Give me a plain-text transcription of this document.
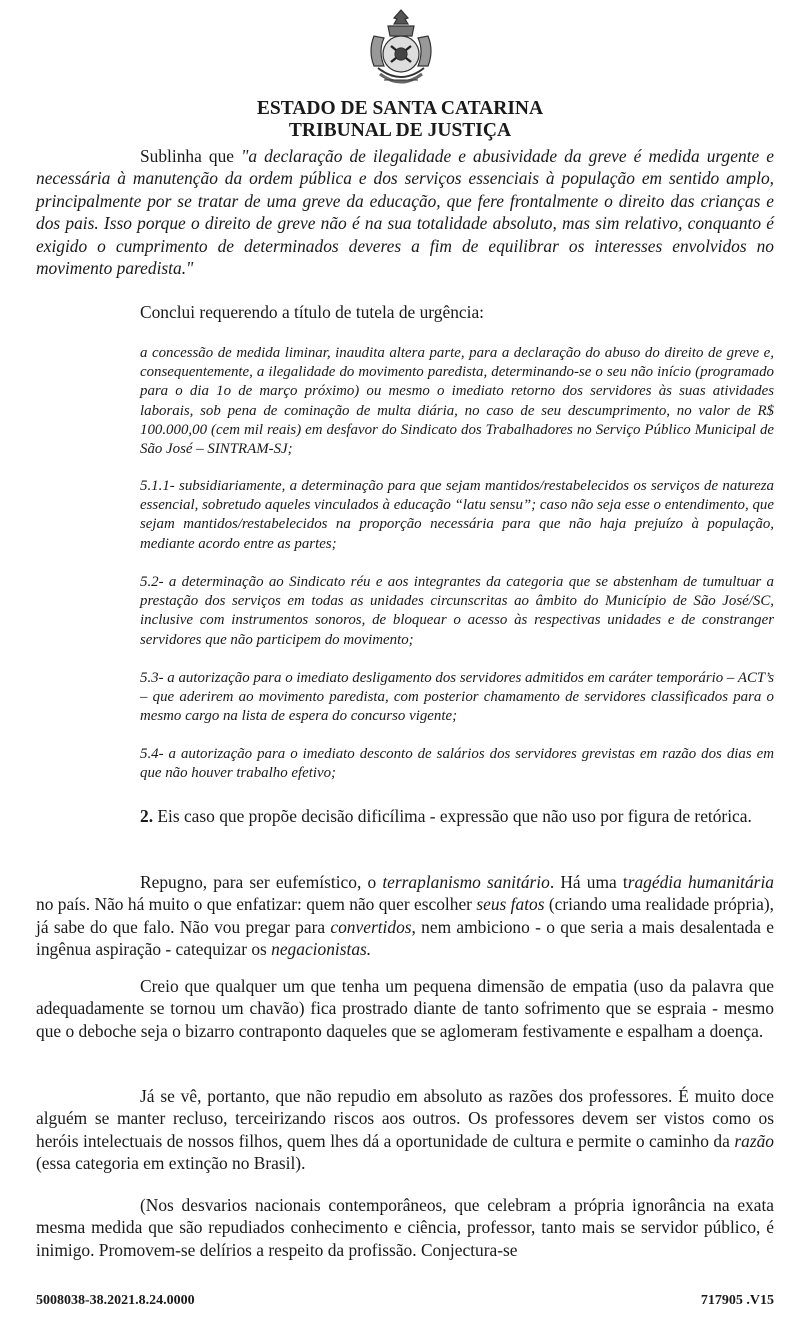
ESTADO DE SANTA CATARINA
TRIBUNAL DE JUSTIÇA

Sublinha que "a declaração de ilegalidade e abusividade da greve é medida urgente e necessária à manutenção da ordem pública e dos serviços essenciais à população em sentido amplo, principalmente por se tratar de uma greve da educação, que fere frontalmente o direito das crianças e dos pais. Isso porque o direito de greve não é na sua totalidade absoluto, mas sim relativo, conquanto é exigido o cumprimento de determinados deveres a fim de equilibrar os interesses envolvidos no movimento paredista."

Conclui requerendo a título de tutela de urgência:

a concessão de medida liminar, inaudita altera parte, para a declaração do abuso do direito de greve e, consequentemente, a ilegalidade do movimento paredista, determinando-se o seu não início (programado para o dia 1o de março próximo) ou mesmo o imediato retorno dos servidores às suas atividades laborais, sob pena de cominação de multa diária, no caso de seu descumprimento, no valor de R$ 100.000,00 (cem mil reais) em desfavor do Sindicato dos Trabalhadores no Serviço Público Municipal de São José – SINTRAM-SJ;
5.1.1- subsidiariamente, a determinação para que sejam mantidos/restabelecidos os serviços de natureza essencial, sobretudo aqueles vinculados à educação “latu sensu”; caso não seja esse o entendimento, que sejam mantidos/restabelecidos na proporção necessária para que não haja prejuízo à população, mediante acordo entre as partes;
5.2- a determinação ao Sindicato réu e aos integrantes da categoria que se abstenham de tumultuar a prestação dos serviços em todas as unidades circunscritas ao âmbito do Município de São José/SC, inclusive com instrumentos sonoros, de bloquear o acesso às respectivas unidades e de constranger servidores que não participem do movimento;
5.3- a autorização para o imediato desligamento dos servidores admitidos em caráter temporário – ACT’s – que aderirem ao movimento paredista, com posterior chamamento de servidores classificados para o mesmo cargo na lista de espera do concurso vigente;
5.4- a autorização para o imediato desconto de salários dos servidores grevistas em razão dos dias em que não houver trabalho efetivo;

2. Eis caso que propõe decisão dificílima - expressão que não uso por figura de retórica.

Repugno, para ser eufemístico, o terraplanismo sanitário. Há uma tragédia humanitária no país. Não há muito o que enfatizar: quem não quer escolher seus fatos (criando uma realidade própria), já sabe do que falo. Não vou pregar para convertidos, nem ambiciono - o que seria a mais desalentada e ingênua aspiração - catequizar os negacionistas.

Creio que qualquer um que tenha um pequena dimensão de empatia (uso da palavra que adequadamente se tornou um chavão) fica prostrado diante de tanto sofrimento que se espraia - mesmo que o deboche seja o bizarro contraponto daqueles que se aglomeram festivamente e espalham a doença.

Já se vê, portanto, que não repudio em absoluto as razões dos professores. É muito doce alguém se manter recluso, terceirizando riscos aos outros. Os professores devem ser vistos como os heróis intelectuais de nossos filhos, quem lhes dá a oportunidade de cultura e permite o caminho da razão (essa categoria em extinção no Brasil).

(Nos desvarios nacionais contemporâneos, que celebram a própria ignorância na exata mesma medida que são repudiados conhecimento e ciência, professor, tanto mais se servidor público, é inimigo. Promovem-se delírios a respeito da profissão. Conjectura-se

5008038-38.2021.8.24.0000	717905 .V15
